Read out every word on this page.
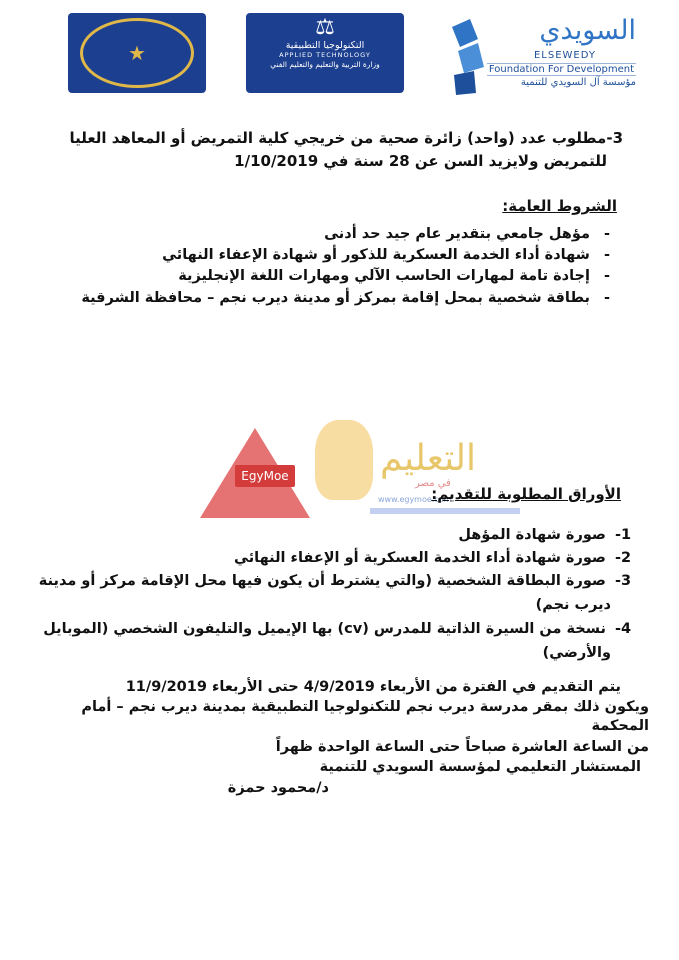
★
⚖
التكنولوجيا التطبيقية
APPLIED TECHNOLOGY
وزارة التربية والتعليم والتعليم الفني
السويدي
ELSEWEDY
Foundation For Development
مؤسسة آل السويدي للتنمية
3-مطلوب عدد (واحد) زائرة صحية من خريجي كلية التمريض أو المعاهد العليا
للتمريض ولايزيد السن عن 28 سنة في 1/10/2019
الشروط العامة:
- مؤهل جامعي بتقدير عام جيد حد أدنى
- شهادة أداء الخدمة العسكرية للذكور أو شهادة الإعفاء النهائي
- إجادة تامة لمهارات الحاسب الآلي ومهارات اللغة الإنجليزية
- بطاقة شخصية بمحل إقامة بمركز أو مدينة ديرب نجم – محافظة الشرقية
EgyMoe	التعليم
في مصر
www.egymoe.com
الأوراق المطلوبة للتقديم:
1- صورة شهادة المؤهل
2- صورة شهادة أداء الخدمة العسكرية أو الإعفاء النهائي
3- صورة البطاقة الشخصية (والتي يشترط أن يكون فيها محل الإقامة مركز أو مدينة
ديرب نجم)
4- نسخة من السيرة الذاتية للمدرس (cv) بها الإيميل والتليفون الشخصي (الموبايل
والأرضي)
يتم التقديم في الفترة من الأربعاء 4/9/2019 حتى الأربعاء 11/9/2019
ويكون ذلك بمقر مدرسة ديرب نجم للتكنولوجيا التطبيقية بمدينة ديرب نجم – أمام
المحكمة
من الساعة العاشرة صباحاً حتى الساعة الواحدة ظهراً
المستشار التعليمي لمؤسسة السويدي للتنمية
د/محمود حمزة
